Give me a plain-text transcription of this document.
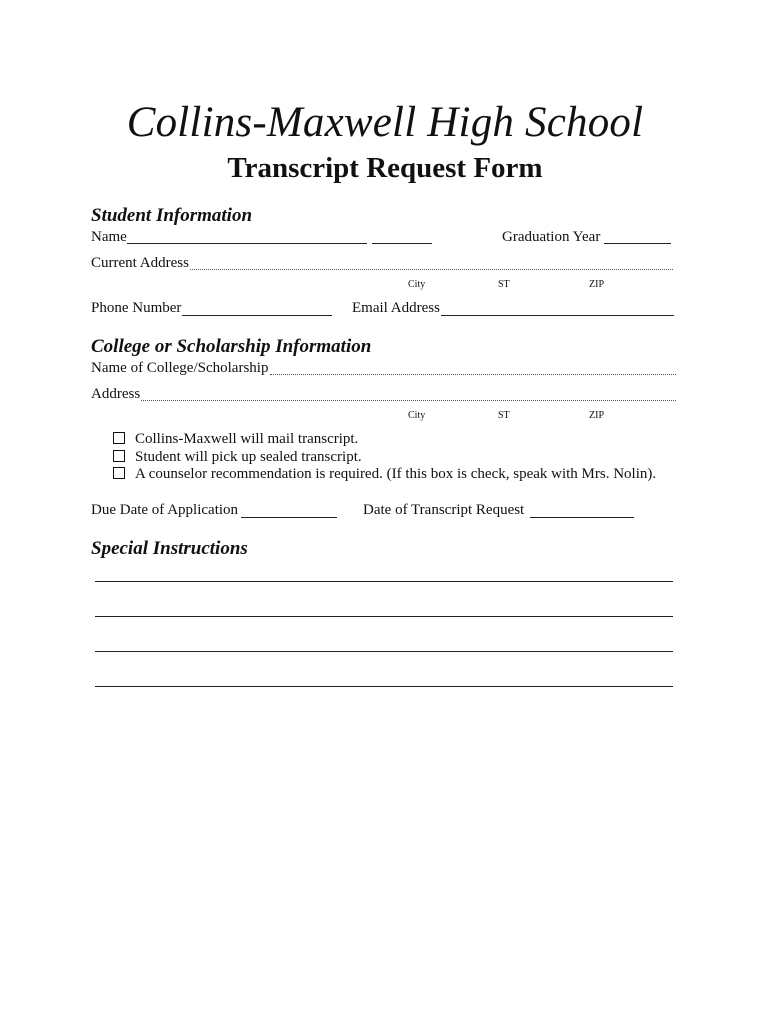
Collins-Maxwell High School
Transcript Request Form
Student Information
Name	Graduation Year
Current Address
City	ST	ZIP
Phone Number	Email Address
College or Scholarship Information
Name of College/Scholarship
Address
City	ST	ZIP
Collins-Maxwell will mail transcript.
Student will pick up sealed transcript.
A counselor recommendation is required. (If this box is check, speak with Mrs. Nolin).
Due Date of Application	Date of Transcript Request
Special Instructions
